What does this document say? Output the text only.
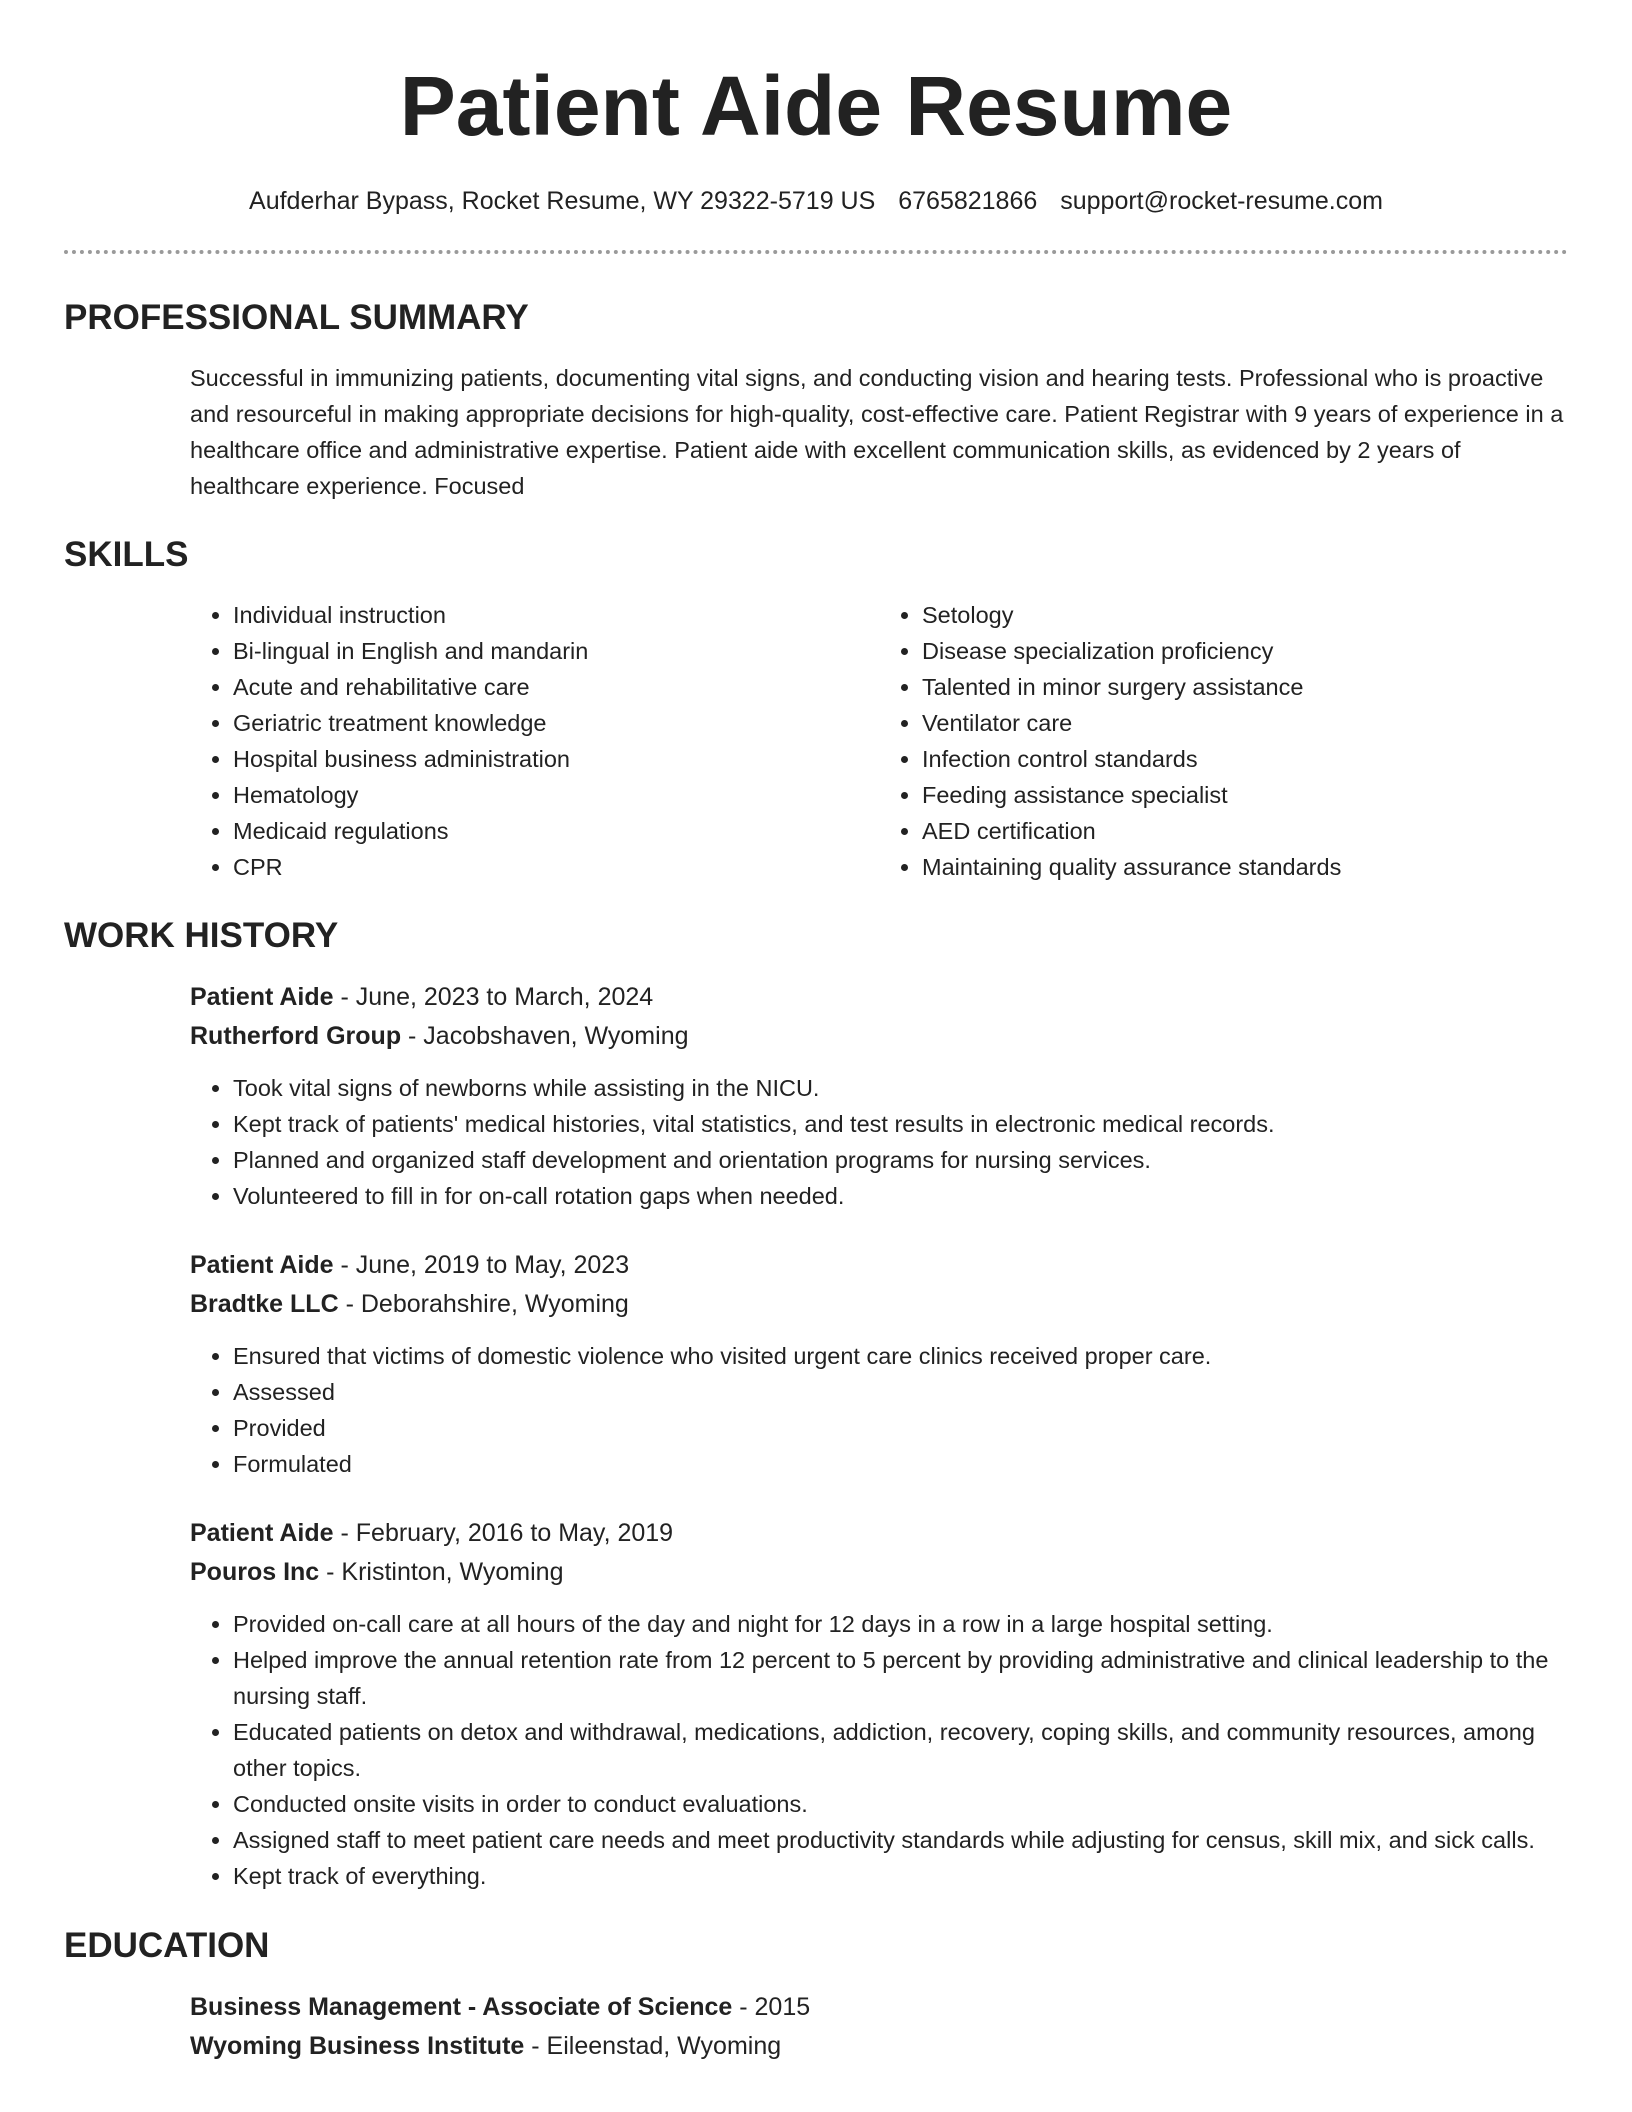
Patient Aide Resume
Aufderhar Bypass, Rocket Resume, WY 29322-5719 US 6765821866 support@rocket-resume.com
PROFESSIONAL SUMMARY
Successful in immunizing patients, documenting vital signs, and conducting vision and hearing tests. Professional who is proactive and resourceful in making appropriate decisions for high-quality, cost-effective care. Patient Registrar with 9 years of experience in a healthcare office and administrative expertise. Patient aide with excellent communication skills, as evidenced by 2 years of healthcare experience. Focused
SKILLS
• Individual instruction
• Bi-lingual in English and mandarin
• Acute and rehabilitative care
• Geriatric treatment knowledge
• Hospital business administration
• Hematology
• Medicaid regulations
• CPR
• Setology
• Disease specialization proficiency
• Talented in minor surgery assistance
• Ventilator care
• Infection control standards
• Feeding assistance specialist
• AED certification
• Maintaining quality assurance standards
WORK HISTORY
Patient Aide - June, 2023 to March, 2024
Rutherford Group - Jacobshaven, Wyoming
• Took vital signs of newborns while assisting in the NICU.
• Kept track of patients' medical histories, vital statistics, and test results in electronic medical records.
• Planned and organized staff development and orientation programs for nursing services.
• Volunteered to fill in for on-call rotation gaps when needed.
Patient Aide - June, 2019 to May, 2023
Bradtke LLC - Deborahshire, Wyoming
• Ensured that victims of domestic violence who visited urgent care clinics received proper care.
• Assessed
• Provided
• Formulated
Patient Aide - February, 2016 to May, 2019
Pouros Inc - Kristinton, Wyoming
• Provided on-call care at all hours of the day and night for 12 days in a row in a large hospital setting.
• Helped improve the annual retention rate from 12 percent to 5 percent by providing administrative and clinical leadership to the nursing staff.
• Educated patients on detox and withdrawal, medications, addiction, recovery, coping skills, and community resources, among other topics.
• Conducted onsite visits in order to conduct evaluations.
• Assigned staff to meet patient care needs and meet productivity standards while adjusting for census, skill mix, and sick calls.
• Kept track of everything.
EDUCATION
Business Management - Associate of Science - 2015
Wyoming Business Institute - Eileenstad, Wyoming
